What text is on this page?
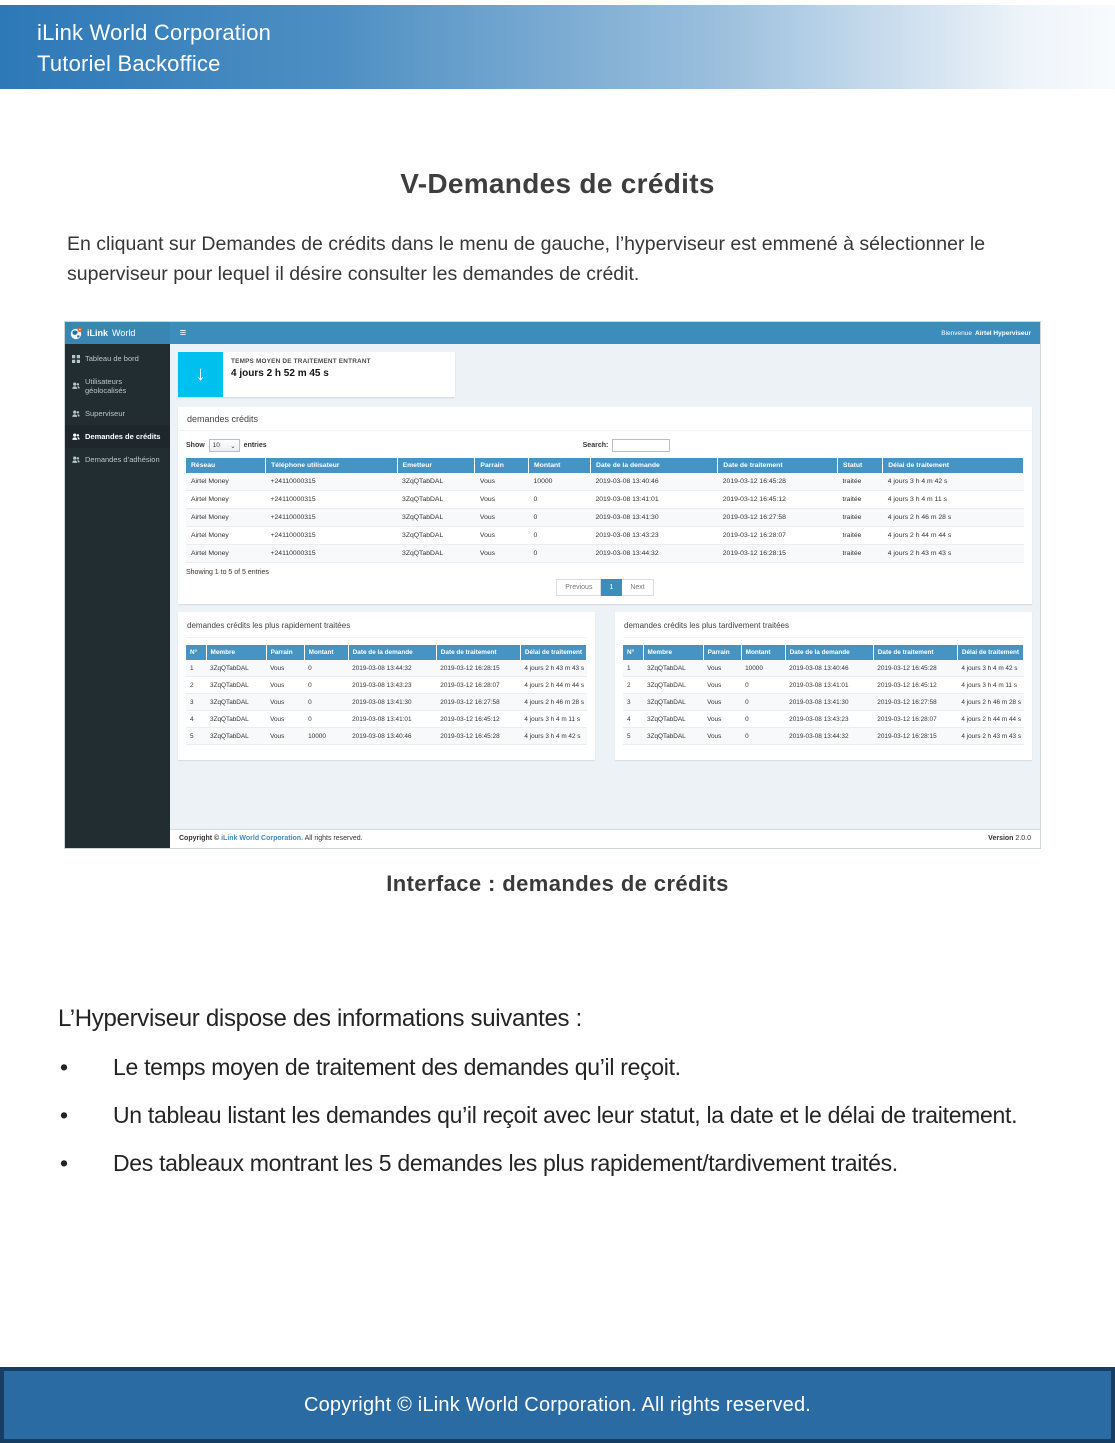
iLink World Corporation
Tutoriel Backoffice
V-Demandes de crédits
En cliquant sur Demandes de crédits dans le menu de gauche, l’hyperviseur est emmené à sélectionner le superviseur pour lequel il désire consulter les demandes de crédit.
iLink World	≡	Bienvenue Airtel Hyperviseur
Tableau de bord
Utilisateurs géolocalisés
Superviseur
Demandes de crédits
Demandes d’adhésion
↓
TEMPS MOYEN DE TRAITEMENT ENTRANT
4 jours 2 h 52 m 45 s
demandes crédits
Show 10 ⌄ entries	Search:
Réseau	Téléphone utilisateur	Emetteur	Parrain	Montant	Date de la demande	Date de traitement	Statut	Délai de traitement
Airtel Money	+24110000315	3ZqQTabDAL	Vous	10000	2019-03-08 13:40:46	2019-03-12 16:45:28	traitée	4 jours 3 h 4 m 42 s
Airtel Money	+24110000315	3ZqQTabDAL	Vous	0	2019-03-08 13:41:01	2019-03-12 16:45:12	traitée	4 jours 3 h 4 m 11 s
Airtel Money	+24110000315	3ZqQTabDAL	Vous	0	2019-03-08 13:41:30	2019-03-12 16:27:58	traitée	4 jours 2 h 46 m 28 s
Airtel Money	+24110000315	3ZqQTabDAL	Vous	0	2019-03-08 13:43:23	2019-03-12 16:28:07	traitée	4 jours 2 h 44 m 44 s
Airtel Money	+24110000315	3ZqQTabDAL	Vous	0	2019-03-08 13:44:32	2019-03-12 16:28:15	traitée	4 jours 2 h 43 m 43 s
Showing 1 to 5 of 5 entries
Previous	1	Next
demandes crédits les plus rapidement traitées
N°	Membre	Parrain	Montant	Date de la demande	Date de traitement	Délai de traitement
1	3ZqQTabDAL	Vous	0	2019-03-08 13:44:32	2019-03-12 16:28:15	4 jours 2 h 43 m 43 s
2	3ZqQTabDAL	Vous	0	2019-03-08 13:43:23	2019-03-12 16:28:07	4 jours 2 h 44 m 44 s
3	3ZqQTabDAL	Vous	0	2019-03-08 13:41:30	2019-03-12 16:27:58	4 jours 2 h 46 m 28 s
4	3ZqQTabDAL	Vous	0	2019-03-08 13:41:01	2019-03-12 16:45:12	4 jours 3 h 4 m 11 s
5	3ZqQTabDAL	Vous	10000	2019-03-08 13:40:46	2019-03-12 16:45:28	4 jours 3 h 4 m 42 s
demandes crédits les plus tardivement traitées
N°	Membre	Parrain	Montant	Date de la demande	Date de traitement	Délai de traitement
1	3ZqQTabDAL	Vous	10000	2019-03-08 13:40:46	2019-03-12 16:45:28	4 jours 3 h 4 m 42 s
2	3ZqQTabDAL	Vous	0	2019-03-08 13:41:01	2019-03-12 16:45:12	4 jours 3 h 4 m 11 s
3	3ZqQTabDAL	Vous	0	2019-03-08 13:41:30	2019-03-12 16:27:58	4 jours 2 h 46 m 28 s
4	3ZqQTabDAL	Vous	0	2019-03-08 13:43:23	2019-03-12 16:28:07	4 jours 2 h 44 m 44 s
5	3ZqQTabDAL	Vous	0	2019-03-08 13:44:32	2019-03-12 16:28:15	4 jours 2 h 43 m 43 s
Copyright © iLink World Corporation. All rights reserved.	Version 2.0.0
Interface : demandes de crédits
L’Hyperviseur dispose des informations suivantes :
•	Le temps moyen de traitement des demandes qu’il reçoit.
•	Un tableau listant les demandes qu’il reçoit avec leur statut, la date et le délai de traitement.
•	Des tableaux montrant les 5 demandes les plus rapidement/tardivement traités.
Copyright © iLink World Corporation. All rights reserved.
